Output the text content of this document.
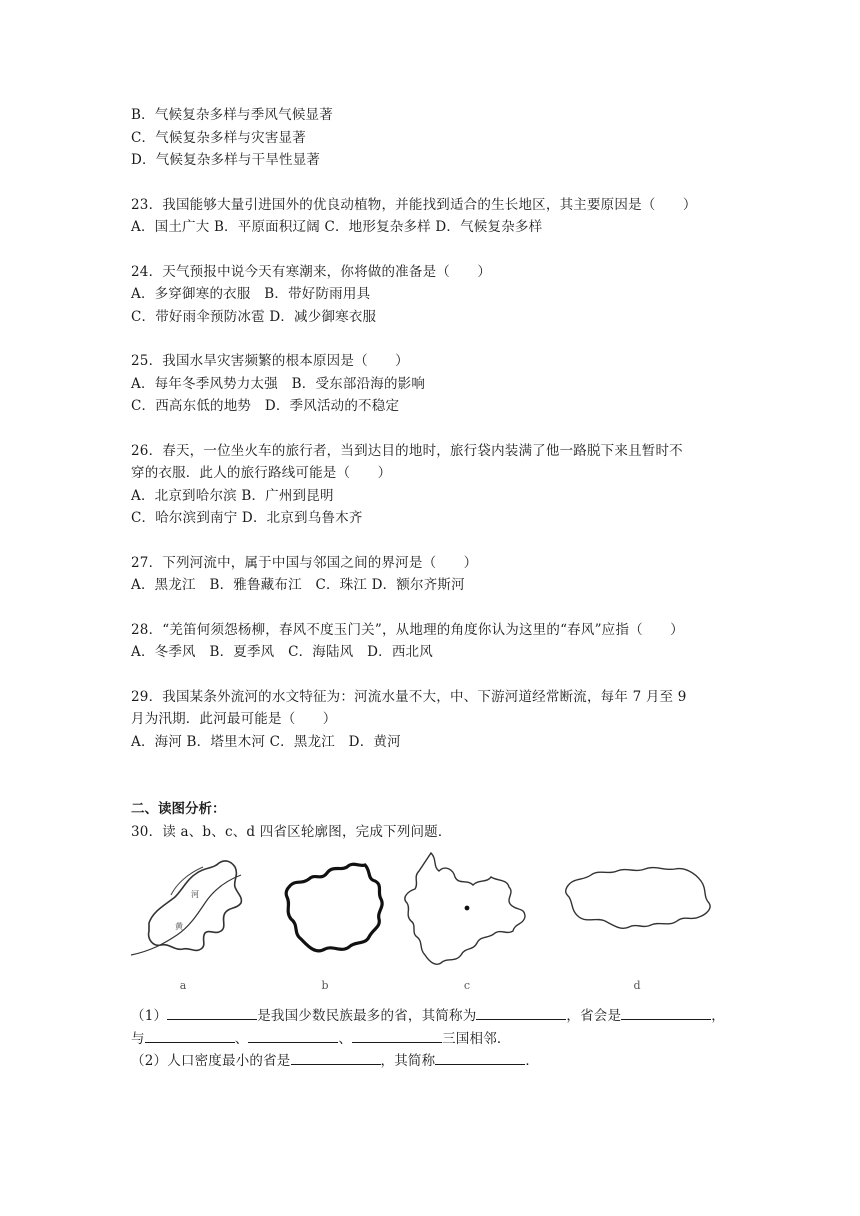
B．气候复杂多样与季风气候显著
C．气候复杂多样与灾害显著
D．气候复杂多样与干旱性显著
23．我国能够大量引进国外的优良动植物，并能找到适合的生长地区，其主要原因是（　　）
A．国土广大 B．平原面积辽阔 C．地形复杂多样 D．气候复杂多样
24．天气预报中说今天有寒潮来，你将做的准备是（　　）
A．多穿御寒的衣服　B．带好防雨用具
C．带好雨伞预防冰雹 D．减少御寒衣服
25．我国水旱灾害频繁的根本原因是（　　）
A．每年冬季风势力太强　B．受东部沿海的影响
C．西高东低的地势　D．季风活动的不稳定
26．春天，一位坐火车的旅行者，当到达目的地时，旅行袋内装满了他一路脱下来且暂时不
穿的衣服．此人的旅行路线可能是（　　）
A．北京到哈尔滨 B．广州到昆明
C．哈尔滨到南宁 D．北京到乌鲁木齐
27．下列河流中，属于中国与邻国之间的界河是（　　）
A．黑龙江　B．雅鲁藏布江　C．珠江 D．额尔齐斯河
28．“羌笛何须怨杨柳，春风不度玉门关”，从地理的角度你认为这里的“春风”应指（　　）
A．冬季风　B．夏季风　C．海陆风　D．西北风
29．我国某条外流河的水文特征为：河流水量不大，中、下游河道经常断流，每年 7 月至 9
月为汛期．此河最可能是（　　）
A．海河 B．塔里木河 C．黑龙江　D．黄河
二、读图分析：
30．读 a、b、c、d 四省区轮廓图，完成下列问题．
河
黄
a	b	c	d
（1）	是我国少数民族最多的省，其简称为	，省会是	，
与	、	、	三国相邻．
（2）人口密度最小的省是	，其简称	．
